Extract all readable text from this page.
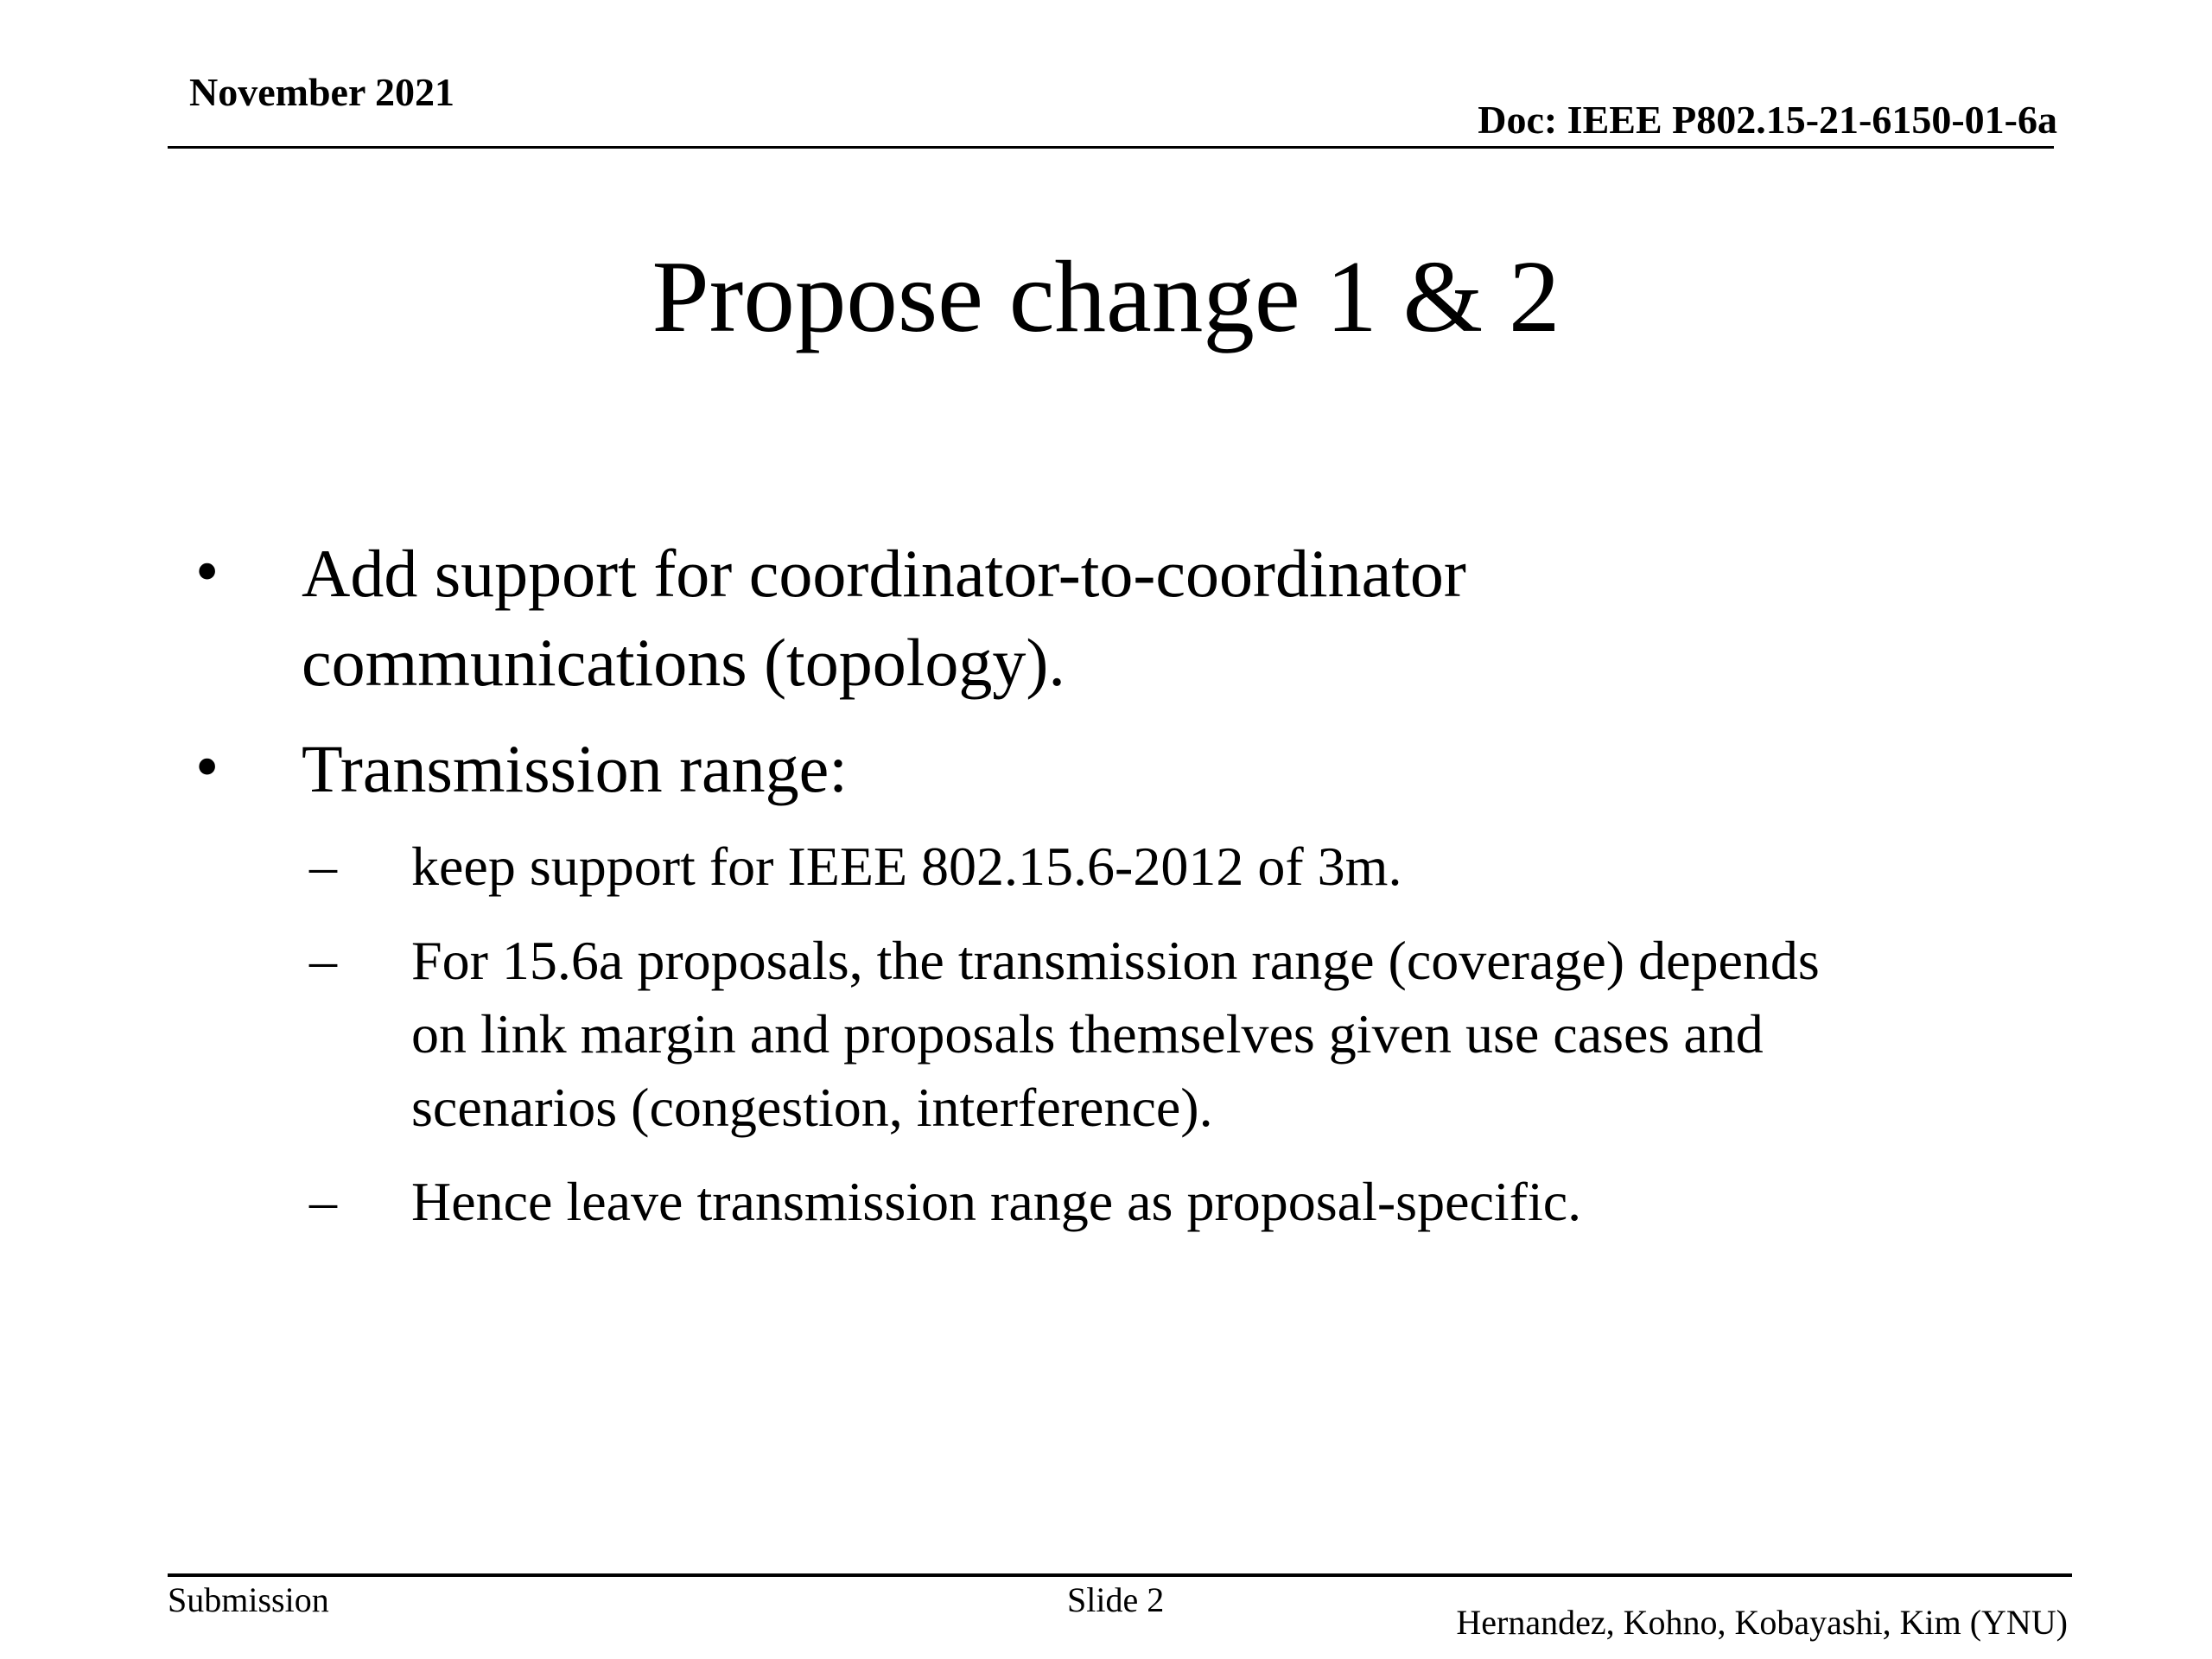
November 2021
Doc: IEEE P802.15-21-6150-01-6a
Propose change 1 & 2
• Add support for coordinator-to-coordinator
communications (topology).
• Transmission range:
– keep support for IEEE 802.15.6-2012 of 3m.
– For 15.6a proposals, the transmission range (coverage) depends
on link margin and proposals themselves given use cases and
scenarios (congestion, interference).
– Hence leave transmission range as proposal-specific.
Submission	Slide 2
Hernandez, Kohno, Kobayashi, Kim (YNU)
